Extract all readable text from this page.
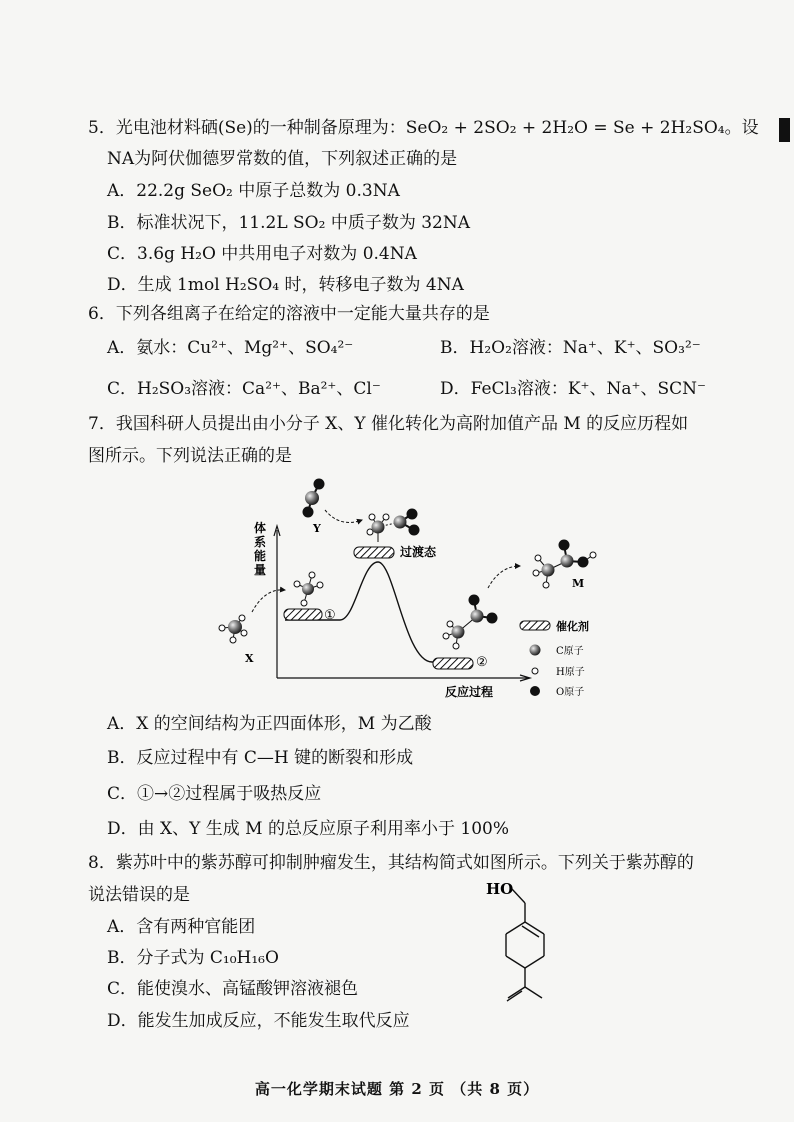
5．光电池材料硒(Se)的一种制备原理为：SeO₂ + 2SO₂ + 2H₂O = Se + 2H₂SO₄。设
NA为阿伏伽德罗常数的值，下列叙述正确的是
A．22.2g SeO₂ 中原子总数为 0.3NA
B．标准状况下，11.2L SO₂ 中质子数为 32NA
C．3.6g H₂O 中共用电子对数为 0.4NA
D．生成 1mol H₂SO₄ 时，转移电子数为 4NA
6．下列各组离子在给定的溶液中一定能大量共存的是
A．氨水：Cu²⁺、Mg²⁺、SO₄²⁻	B．H₂O₂溶液：Na⁺、K⁺、SO₃²⁻
C．H₂SO₃溶液：Ca²⁺、Ba²⁺、Cl⁻	D．FeCl₃溶液：K⁺、Na⁺、SCN⁻
7．我国科研人员提出由小分子 X、Y 催化转化为高附加值产品 M 的反应历程如
图所示。下列说法正确的是
体
系
能
量
反应过程
①
过渡态
②
X
Y
M
催化剂
C原子
H原子
O原子
A．X 的空间结构为正四面体形，M 为乙酸
B．反应过程中有 C—H 键的断裂和形成
C．①→②过程属于吸热反应
D．由 X、Y 生成 M 的总反应原子利用率小于 100%
8．紫苏叶中的紫苏醇可抑制肿瘤发生，其结构简式如图所示。下列关于紫苏醇的
说法错误的是
A．含有两种官能团
B．分子式为 C₁₀H₁₆O
C．能使溴水、高锰酸钾溶液褪色
D．能发生加成反应，不能发生取代反应
HO
高一化学期末试题 第 2 页 （共 8 页）
